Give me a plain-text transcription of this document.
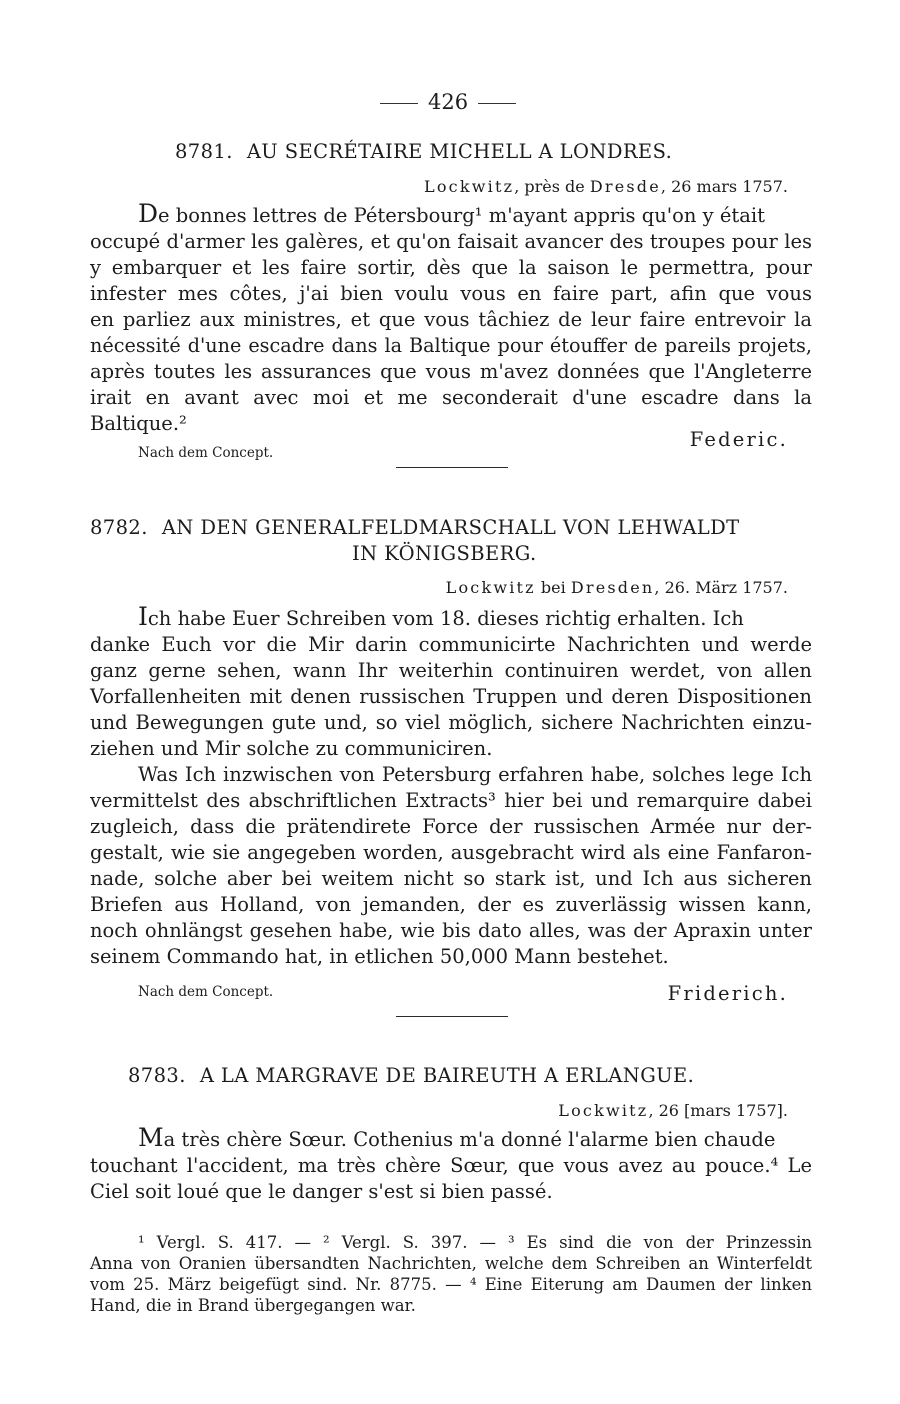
426
8781. AU SECRÉTAIRE MICHELL A LONDRES.
Lockwitz, près de Dresde, 26 mars 1757.
De bonnes lettres de Pétersbourg¹ m'ayant appris qu'on y était
occupé d'armer les galères, et qu'on faisait avancer des troupes pour les
y embarquer et les faire sortir, dès que la saison le permettra, pour
infester mes côtes, j'ai bien voulu vous en faire part, afin que vous
en parliez aux ministres, et que vous tâchiez de leur faire entrevoir la
nécessité d'une escadre dans la Baltique pour étouffer de pareils projets,
après toutes les assurances que vous m'avez données que l'Angleterre
irait en avant avec moi et me seconderait d'une escadre dans la
Baltique.²
Federic.
Nach dem Concept.
8782. AN DEN GENERALFELDMARSCHALL VON LEHWALDT
IN KÖNIGSBERG.
Lockwitz bei Dresden, 26. März 1757.
Ich habe Euer Schreiben vom 18. dieses richtig erhalten. Ich
danke Euch vor die Mir darin communicirte Nachrichten und werde
ganz gerne sehen, wann Ihr weiterhin continuiren werdet, von allen
Vorfallenheiten mit denen russischen Truppen und deren Dispositionen
und Bewegungen gute und, so viel möglich, sichere Nachrichten einzu-
ziehen und Mir solche zu communiciren.
Was Ich inzwischen von Petersburg erfahren habe, solches lege Ich
vermittelst des abschriftlichen Extracts³ hier bei und remarquire dabei
zugleich, dass die prätendirete Force der russischen Armée nur der-
gestalt, wie sie angegeben worden, ausgebracht wird als eine Fanfaron-
nade, solche aber bei weitem nicht so stark ist, und Ich aus sicheren
Briefen aus Holland, von jemanden, der es zuverlässig wissen kann,
noch ohnlängst gesehen habe, wie bis dato alles, was der Apraxin unter
seinem Commando hat, in etlichen 50,000 Mann bestehet.
Nach dem Concept.	Friderich.
8783. A LA MARGRAVE DE BAIREUTH A ERLANGUE.
Lockwitz, 26 [mars 1757].
Ma très chère Sœur. Cothenius m'a donné l'alarme bien chaude
touchant l'accident, ma très chère Sœur, que vous avez au pouce.⁴ Le
Ciel soit loué que le danger s'est si bien passé.
¹ Vergl. S. 417. — ² Vergl. S. 397. — ³ Es sind die von der Prinzessin
Anna von Oranien übersandten Nachrichten, welche dem Schreiben an Winterfeldt
vom 25. März beigefügt sind. Nr. 8775. — ⁴ Eine Eiterung am Daumen der linken
Hand, die in Brand übergegangen war.
